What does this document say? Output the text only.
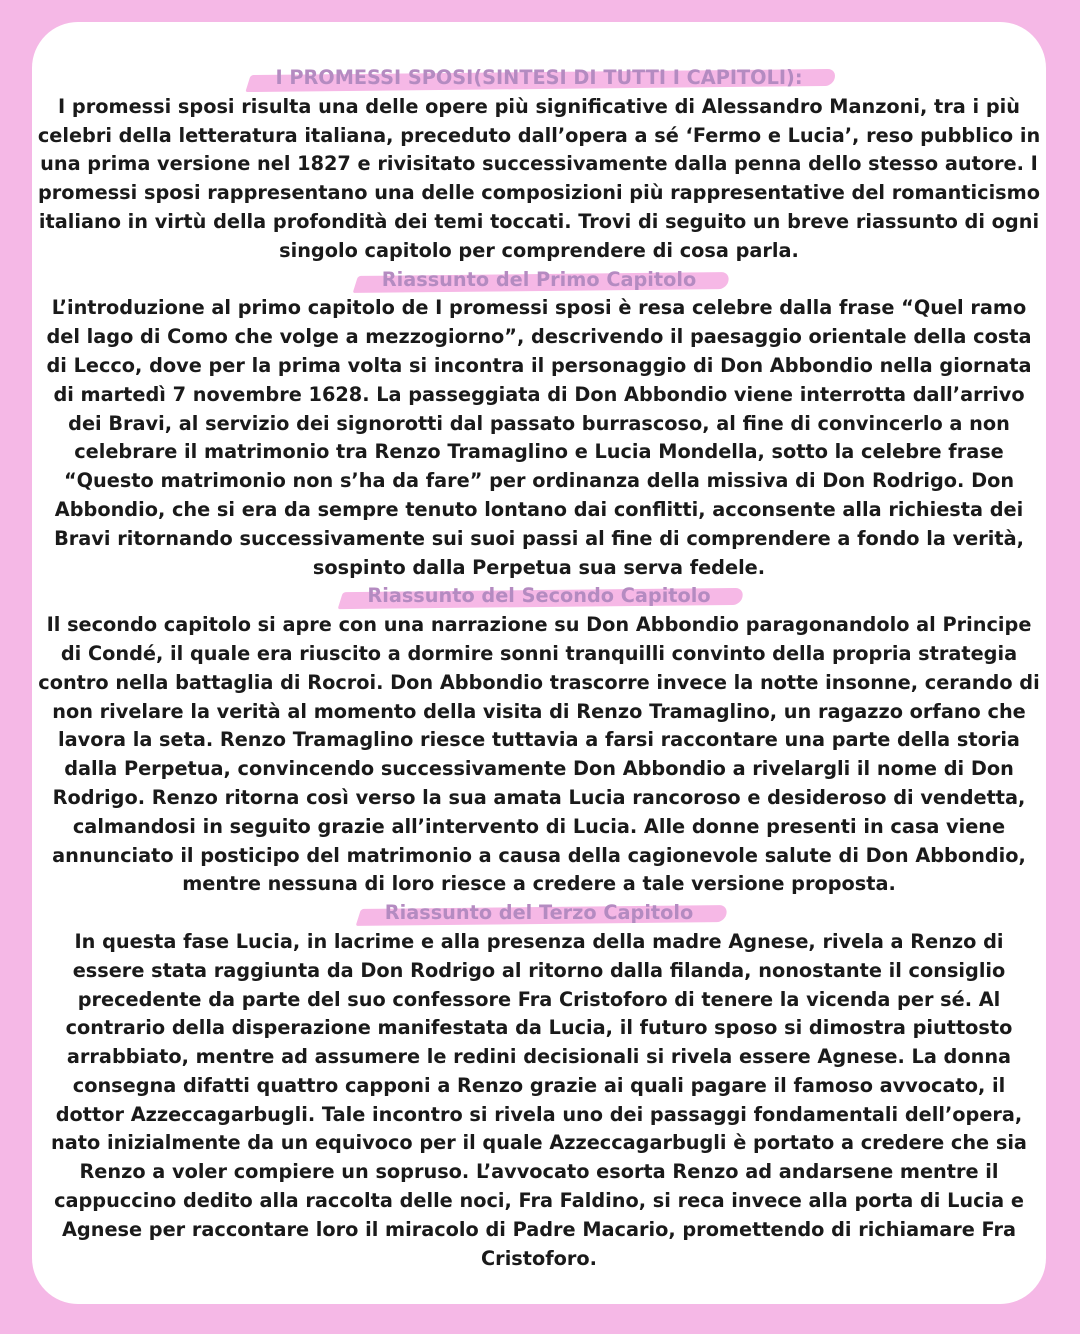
I PROMESSI SPOSI(SINTESI DI TUTTI I CAPITOLI):
I promessi sposi risulta una delle opere più significative di Alessandro Manzoni, tra i più celebri della letteratura italiana, preceduto dall’opera a sé ‘Fermo e Lucia’, reso pubblico in una prima versione nel 1827 e rivisitato successivamente dalla penna dello stesso autore. I promessi sposi rappresentano una delle composizioni più rappresentative del romanticismo italiano in virtù della profondità dei temi toccati. Trovi di seguito un breve riassunto di ogni singolo capitolo per comprendere di cosa parla.
Riassunto del Primo Capitolo
L’introduzione al primo capitolo de I promessi sposi è resa celebre dalla frase “Quel ramo del lago di Como che volge a mezzogiorno”, descrivendo il paesaggio orientale della costa di Lecco, dove per la prima volta si incontra il personaggio di Don Abbondio nella giornata di martedì 7 novembre 1628. La passeggiata di Don Abbondio viene interrotta dall’arrivo dei Bravi, al servizio dei signorotti dal passato burrascoso, al fine di convincerlo a non celebrare il matrimonio tra Renzo Tramaglino e Lucia Mondella, sotto la celebre frase “Questo matrimonio non s’ha da fare” per ordinanza della missiva di Don Rodrigo. Don Abbondio, che si era da sempre tenuto lontano dai conflitti, acconsente alla richiesta dei Bravi ritornando successivamente sui suoi passi al fine di comprendere a fondo la verità, sospinto dalla Perpetua sua serva fedele.
Riassunto del Secondo Capitolo
Il secondo capitolo si apre con una narrazione su Don Abbondio paragonandolo al Principe di Condé, il quale era riuscito a dormire sonni tranquilli convinto della propria strategia contro nella battaglia di Rocroi. Don Abbondio trascorre invece la notte insonne, cerando di non rivelare la verità al momento della visita di Renzo Tramaglino, un ragazzo orfano che lavora la seta. Renzo Tramaglino riesce tuttavia a farsi raccontare una parte della storia dalla Perpetua, convincendo successivamente Don Abbondio a rivelargli il nome di Don Rodrigo. Renzo ritorna così verso la sua amata Lucia rancoroso e desideroso di vendetta, calmandosi in seguito grazie all’intervento di Lucia. Alle donne presenti in casa viene annunciato il posticipo del matrimonio a causa della cagionevole salute di Don Abbondio, mentre nessuna di loro riesce a credere a tale versione proposta.
Riassunto del Terzo Capitolo
In questa fase Lucia, in lacrime e alla presenza della madre Agnese, rivela a Renzo di essere stata raggiunta da Don Rodrigo al ritorno dalla filanda, nonostante il consiglio precedente da parte del suo confessore Fra Cristoforo di tenere la vicenda per sé. Al contrario della disperazione manifestata da Lucia, il futuro sposo si dimostra piuttosto arrabbiato, mentre ad assumere le redini decisionali si rivela essere Agnese. La donna consegna difatti quattro capponi a Renzo grazie ai quali pagare il famoso avvocato, il dottor Azzeccagarbugli. Tale incontro si rivela uno dei passaggi fondamentali dell’opera, nato inizialmente da un equivoco per il quale Azzeccagarbugli è portato a credere che sia Renzo a voler compiere un sopruso. L’avvocato esorta Renzo ad andarsene mentre il cappuccino dedito alla raccolta delle noci, Fra Faldino, si reca invece alla porta di Lucia e Agnese per raccontare loro il miracolo di Padre Macario, promettendo di richiamare Fra Cristoforo.
